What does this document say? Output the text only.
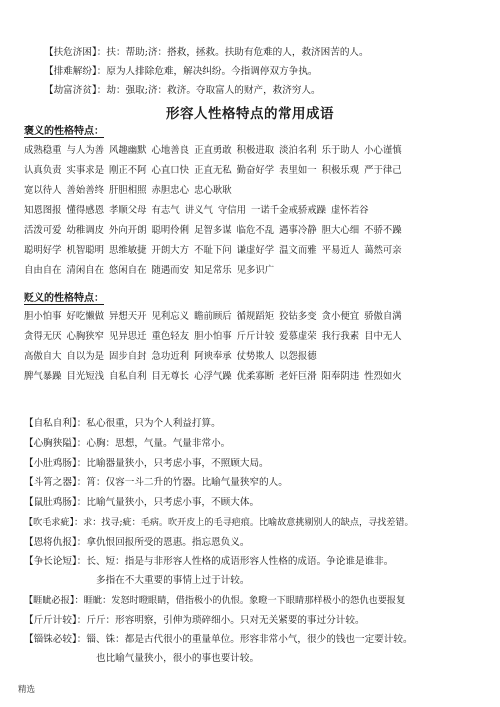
【扶危济困】：扶：帮助;济：搭救，拯救。扶助有危难的人，救济困苦的人。
【排难解纷】：原为人排除危难，解决纠纷。今指调停双方争执。
【劫富济贫】：劫：强取;济：救济。夺取富人的财产，救济穷人。
形容人性格特点的常用成语
褒义的性格特点：
成熟稳重 与人为善 风趣幽默 心地善良 正直勇敢 积极进取 淡泊名利 乐于助人 小心谨慎
认真负责 实事求是 刚正不阿 心直口快 正直无私 勤奋好学 表里如一 积极乐观 严于律己
宽以待人 善始善终 肝胆相照 赤胆忠心 忠心耿耿
知恩图报 懂得感恩 孝顺父母 有志气 讲义气 守信用 一诺千金戒骄戒躁 虚怀若谷
活泼可爱 幼稚调皮 外向开朗 聪明伶俐 足智多谋 临危不乱 遇事冷静 胆大心细 不骄不躁
聪明好学 机智聪明 思维敏捷 开朗大方 不耻下问 谦虚好学 温文而雅 平易近人 蔼然可亲
自由自在 清闲自在 悠闲自在 随遇而安 知足常乐 见多识广
贬义的性格特点：
胆小怕事 好吃懒做 异想天开 见利忘义 瞻前顾后 循规蹈矩 狡钻多变 贪小便宜 骄傲自满
贪得无厌 心胸狭窄 见异思迁 重色轻友 胆小怕事 斤斤计较 爱慕虚荣 我行我素 目中无人
高傲自大 自以为是 固步自封 急功近利 阿谀奉承 仗势欺人 以怨报德
脾气暴躁 目光短浅 自私自利 目无尊长 心浮气躁 优柔寡断 老奸巨滑 阳奉阴违 性烈如火
【自私自利】：私心很重，只为个人利益打算。
【心胸狭隘】：心胸：思想，气量。气量非常小。
【小肚鸡肠】：比喻器量狭小，只考虑小事，不照顾大局。
【斗筲之器】：筲：仅容一斗二升的竹器。比喻气量狭窄的人。
【鼠肚鸡肠】：比喻气量狭小，只考虑小事，不顾大体。
【吹毛求疵】：求：找寻;疵：毛病。吹开皮上的毛寻疤痕。比喻故意挑剔别人的缺点，寻找差错。
【恩将仇报】：拿仇恨回报所受的恩惠。指忘恩负义。
【争长论短】：长、短：指是与非形容人性格的成语形容人性格的成语。争论谁是谁非。
多指在不大重要的事情上过于计较。
【睚眦必报】：睚眦：发怒时瞪眼睛，借指极小的仇恨。象瞪一下眼睛那样极小的怨仇也要报复
【斤斤计较】：斤斤：形容明察，引伸为琐碎细小。只对无关紧要的事过分计较。
【锱铢必较】：锱、铢：都是古代很小的重量单位。形容非常小气，很少的钱也一定要计较。
也比喻气量狭小，很小的事也要计较。
精选
